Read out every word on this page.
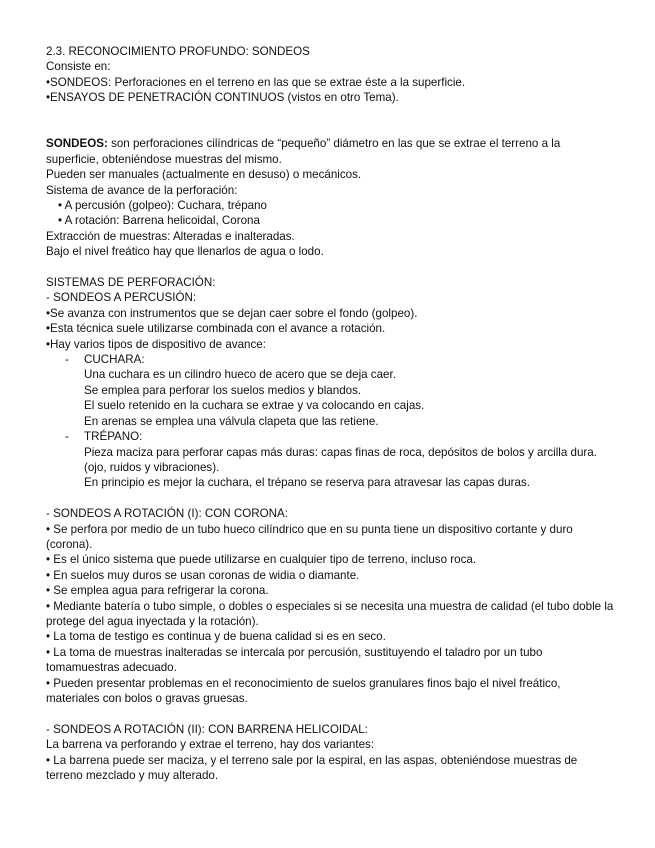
2.3. RECONOCIMIENTO PROFUNDO: SONDEOS
Consiste en:
•SONDEOS: Perforaciones en el terreno en las que se extrae éste a la superficie.
•ENSAYOS DE PENETRACIÓN CONTINUOS (vistos en otro Tema).
SONDEOS: son perforaciones cilíndricas de “pequeño” diámetro en las que se extrae el terreno a la superficie, obteniéndose muestras del mismo.
Pueden ser manuales (actualmente en desuso) o mecánicos.
Sistema de avance de la perforación:
• A percusión (golpeo): Cuchara, trépano
• A rotación: Barrena helicoidal, Corona
Extracción de muestras: Alteradas e inalteradas.
Bajo el nivel freático hay que llenarlos de agua o lodo.
SISTEMAS DE PERFORACIÓN:
- SONDEOS A PERCUSIÓN:
•Se avanza con instrumentos que se dejan caer sobre el fondo (golpeo).
•Esta técnica suele utilizarse combinada con el avance a rotación.
•Hay varios tipos de dispositivo de avance:
- CUCHARA:
Una cuchara es un cilindro hueco de acero que se deja caer.
Se emplea para perforar los suelos medios y blandos.
El suelo retenido en la cuchara se extrae y va colocando en cajas.
En arenas se emplea una válvula clapeta que las retiene.
- TRÉPANO:
Pieza maciza para perforar capas más duras: capas finas de roca, depósitos de bolos y arcilla dura.(ojo, ruidos y vibraciones).
En principio es mejor la cuchara, el trépano se reserva para atravesar las capas duras.
- SONDEOS A ROTACIÓN (I): CON CORONA:
• Se perfora por medio de un tubo hueco cilíndrico que en su punta tiene un dispositivo cortante y duro (corona).
• Es el único sistema que puede utilizarse en cualquier tipo de terreno, incluso roca.
• En suelos muy duros se usan coronas de widia o diamante.
• Se emplea agua para refrigerar la corona.
• Mediante batería o tubo simple, o dobles o especiales si se necesita una muestra de calidad (el tubo doble la protege del agua inyectada y la rotación).
• La toma de testigo es continua y de buena calidad si es en seco.
• La toma de muestras inalteradas se intercala por percusión, sustituyendo el taladro por un tubo tomamuestras adecuado.
• Pueden presentar problemas en el reconocimiento de suelos granulares finos bajo el nivel freático, materiales con bolos o gravas gruesas.
- SONDEOS A ROTACIÓN (II): CON BARRENA HELICOIDAL:
La barrena va perforando y extrae el terreno, hay dos variantes:
• La barrena puede ser maciza, y el terreno sale por la espiral, en las aspas, obteniéndose muestras de terreno mezclado y muy alterado.
